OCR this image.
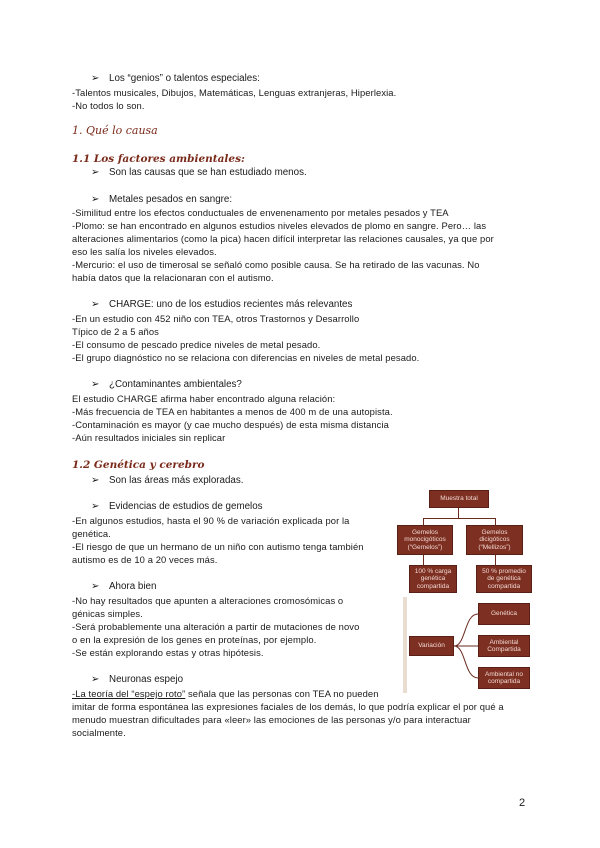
➢ Los “genios” o talentos especiales:
-Talentos musicales, Dibujos, Matemáticas, Lenguas extranjeras, Hiperlexia.
-No todos lo son.
1. Qué lo causa
1.1 Los factores ambientales:
➢ Son las causas que se han estudiado menos.
➢ Metales pesados en sangre:
-Similitud entre los efectos conductuales de envenenamento por metales pesados y TEA
-Plomo: se han encontrado en algunos estudios niveles elevados de plomo en sangre. Pero… las
alteraciones alimentarios (como la pica) hacen difícil interpretar las relaciones causales, ya que por
eso les salía los niveles elevados.
-Mercurio: el uso de timerosal se señaló como posible causa. Se ha retirado de las vacunas. No
había datos que la relacionaran con el autismo.
➢ CHARGE: uno de los estudios recientes más relevantes
-En un estudio con 452 niño con TEA, otros Trastornos y Desarrollo
Típico de 2 a 5 años
-El consumo de pescado predice niveles de metal pesado.
-El grupo diagnóstico no se relaciona con diferencias en niveles de metal pesado.
➢ ¿Contaminantes ambientales?
El estudio CHARGE afirma haber encontrado alguna relación:
-Más frecuencia de TEA en habitantes a menos de 400 m de una autopista.
-Contaminación es mayor (y cae mucho después) de esta misma distancia
-Aún resultados iniciales sin replicar
1.2 Genética y cerebro
➢ Son las áreas más exploradas.
➢ Evidencias de estudios de gemelos
-En algunos estudios, hasta el 90 % de variación explicada por la
genética.
-El riesgo de que un hermano de un niño con autismo tenga también
autismo es de 10 a 20 veces más.
➢ Ahora bien
-No hay resultados que apunten a alteraciones cromosómicas o
génicas simples.
-Será probablemente una alteración a partir de mutaciones de novo
o en la expresión de los genes en proteínas, por ejemplo.
-Se están explorando estas y otras hipótesis.
➢ Neuronas espejo
-La teoría del “espejo roto” señala que las personas con TEA no pueden
imitar de forma espontánea las expresiones faciales de los demás, lo que podría explicar el por qué a
menudo muestran dificultades para «leer» las emociones de las personas y/o para interactuar
socialmente.
Muestra total
Gemelos monocigóticos (“Gemelos”)
Gemelos dicigóticos (“Mellizos”)
100 % carga genética compartida
50 % promedio de genética compartida
Variación
Genética
Ambiental Compartida
Ambiental no compartida
2
